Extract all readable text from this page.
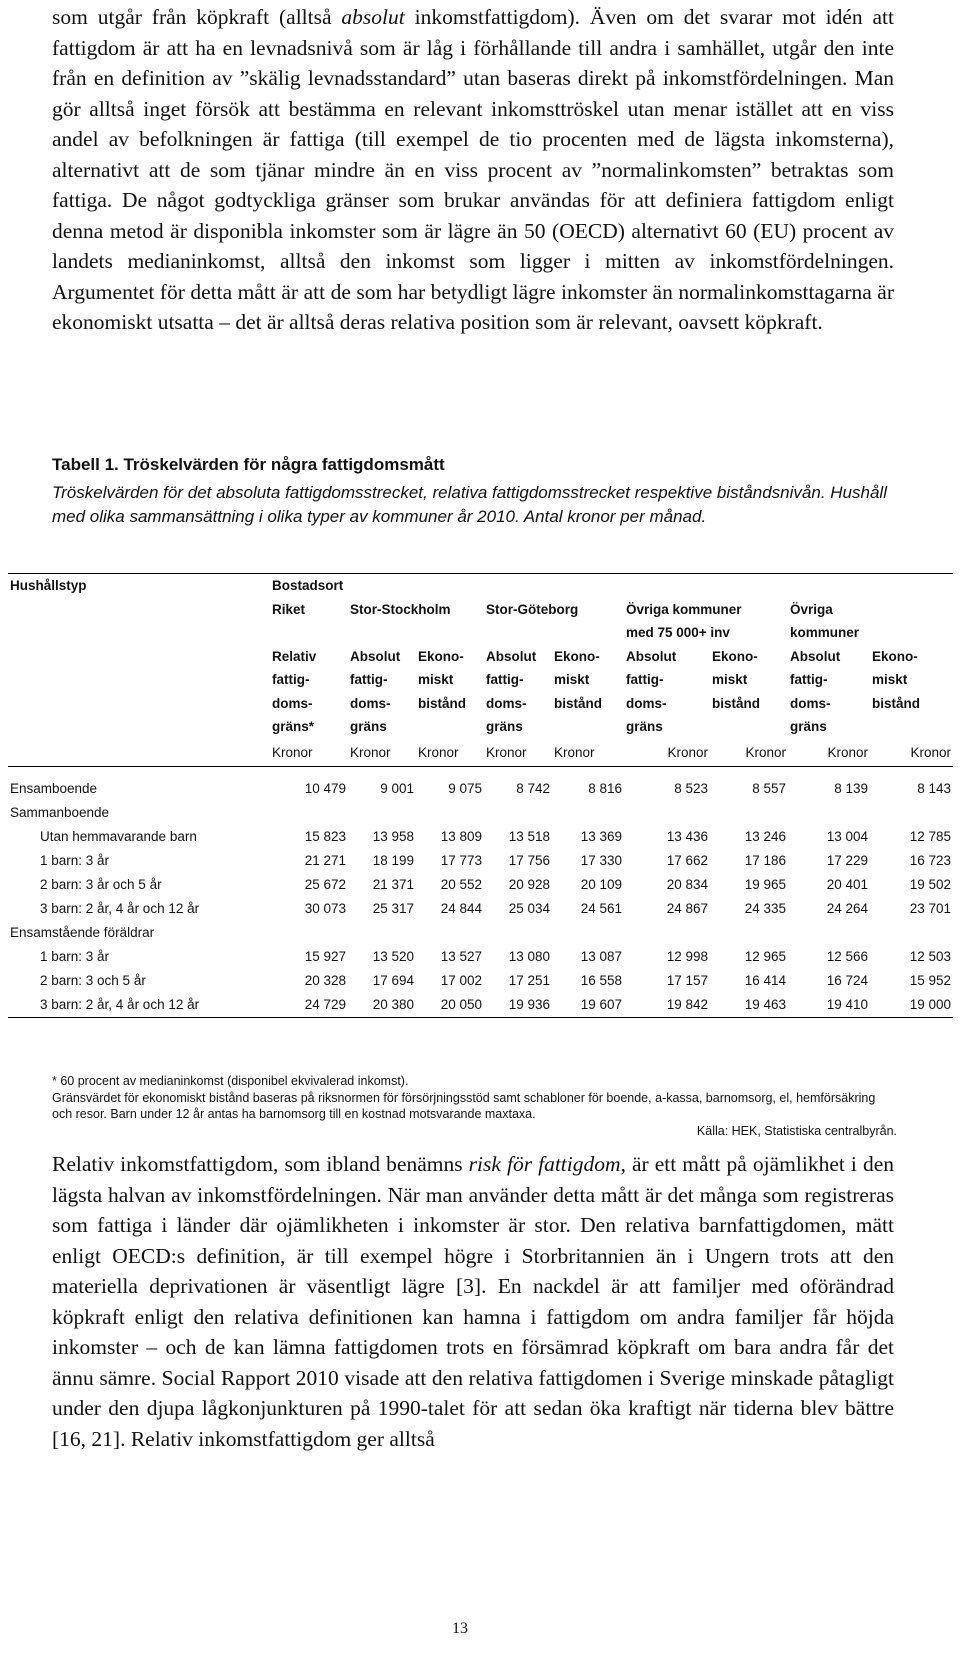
som utgår från köpkraft (alltså absolut inkomstfattigdom). Även om det svarar mot idén att fattigdom är att ha en levnadsnivå som är låg i förhållande till andra i samhället, utgår den inte från en definition av ”skälig levnadsstandard” utan baseras direkt på inkomstfördelningen. Man gör alltså inget försök att bestämma en relevant inkomsttröskel utan menar istället att en viss andel av befolkningen är fattiga (till exempel de tio procenten med de lägsta inkomsterna), alternativt att de som tjänar mindre än en viss procent av ”normalinkomsten” betraktas som fattiga. De något godtyckliga gränser som brukar användas för att definiera fattigdom enligt denna metod är disponibla inkomster som är lägre än 50 (OECD) alternativt 60 (EU) procent av landets medianinkomst, alltså den inkomst som ligger i mitten av inkomstfördelningen. Argumentet för detta mått är att de som har betydligt lägre inkomster än normalinkomsttagarna är ekonomiskt utsatta – det är alltså deras relativa position som är relevant, oavsett köpkraft.

Tabell 1. Tröskelvärden för några fattigdomsmått
Tröskelvärden för det absoluta fattigdomsstrecket, relativa fattigdomsstrecket respektive biståndsnivån. Hushåll med olika sammansättning i olika typer av kommuner år 2010. Antal kronor per månad.
Hushållstyp	Bostadsort								
	Riket	Stor-Stockholm		Stor-Göteborg		Övriga kommuner		Övriga	
						med 75 000+ inv		kommuner	
	Relativ	Absolut	Ekono-	Absolut	Ekono-	Absolut	Ekono-	Absolut	Ekono-
	fattig-	fattig-	miskt	fattig-	miskt	fattig-	miskt	fattig-	miskt
	doms-	doms-	bistånd	doms-	bistånd	doms-	bistånd	doms-	bistånd
	gräns*	gräns		gräns		gräns		gräns	
	Kronor	Kronor	Kronor	Kronor	Kronor	Kronor	Kronor	Kronor	Kronor

Ensamboende	10 479	9 001	9 075	8 742	8 816	8 523	8 557	8 139	8 143
Sammanboende									
Utan hemmavarande barn	15 823	13 958	13 809	13 518	13 369	13 436	13 246	13 004	12 785
1 barn: 3 år	21 271	18 199	17 773	17 756	17 330	17 662	17 186	17 229	16 723
2 barn: 3 år och 5 år	25 672	21 371	20 552	20 928	20 109	20 834	19 965	20 401	19 502
3 barn: 2 år, 4 år och 12 år	30 073	25 317	24 844	25 034	24 561	24 867	24 335	24 264	23 701
Ensamstående föräldrar									
1 barn: 3 år	15 927	13 520	13 527	13 080	13 087	12 998	12 965	12 566	12 503
2 barn: 3 och 5 år	20 328	17 694	17 002	17 251	16 558	17 157	16 414	16 724	15 952
3 barn: 2 år, 4 år och 12 år	24 729	20 380	20 050	19 936	19 607	19 842	19 463	19 410	19 000
* 60 procent av medianinkomst (disponibel ekvivalerad inkomst).
Gränsvärdet för ekonomiskt bistånd baseras på riksnormen för försörjningsstöd samt schabloner för boende, a-kassa, barnomsorg, el, hemförsäkring och resor. Barn under 12 år antas ha barnomsorg till en kostnad motsvarande maxtaxa.
Källa: HEK, Statistiska centralbyrån.

Relativ inkomstfattigdom, som ibland benämns risk för fattigdom, är ett mått på ojämlikhet i den lägsta halvan av inkomstfördelningen. När man använder detta mått är det många som registreras som fattiga i länder där ojämlikheten i inkomster är stor. Den relativa barnfattigdomen, mätt enligt OECD:s definition, är till exempel högre i Storbritannien än i Ungern trots att den materiella deprivationen är väsentligt lägre [3]. En nackdel är att familjer med oförändrad köpkraft enligt den relativa definitionen kan hamna i fattigdom om andra familjer får höjda inkomster – och de kan lämna fattigdomen trots en försämrad köpkraft om bara andra får det ännu sämre. Social Rapport 2010 visade att den relativa fattigdomen i Sverige minskade påtagligt under den djupa lågkonjunkturen på 1990-talet för att sedan öka kraftigt när tiderna blev bättre [16, 21]. Relativ inkomstfattigdom ger alltså

13
